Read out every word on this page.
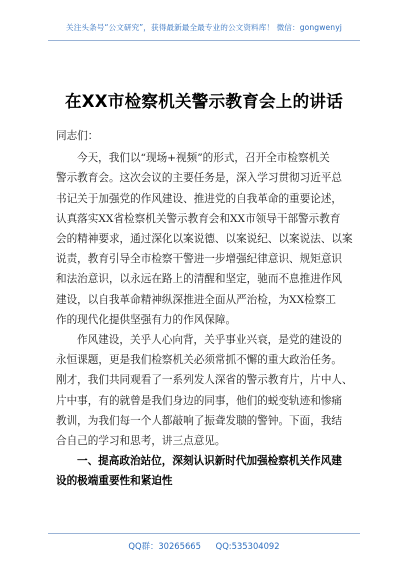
关注头条号“公文研究”，获得最新最全最专业的公文资料库！ 微信：gongwenyj
在XX市检察机关警示教育会上的讲话
同志们：
今天，我们以“现场+视频”的形式，召开全市检察机关
警示教育会。这次会议的主要任务是，深入学习贯彻习近平总
书记关于加强党的作风建设、推进党的自我革命的重要论述，
认真落实XX省检察机关警示教育会和XX市领导干部警示教育
会的精神要求，通过深化以案说德、以案说纪、以案说法、以案
说责，教育引导全市检察干警进一步增强纪律意识、规矩意识
和法治意识，以永远在路上的清醒和坚定，驰而不息推进作风
建设，以自我革命精神纵深推进全面从严治检，为XX检察工
作的现代化提供坚强有力的作风保障。
作风建设，关乎人心向背，关乎事业兴衰，是党的建设的
永恒课题，更是我们检察机关必须常抓不懈的重大政治任务。
刚才，我们共同观看了一系列发人深省的警示教育片，片中人、
片中事，有的就曾是我们身边的同事，他们的蜕变轨迹和惨痛
教训，为我们每一个人都敲响了振聋发聩的警钟。下面，我结
合自己的学习和思考，讲三点意见。
一、提高政治站位，深刻认识新时代加强检察机关作风建
设的极端重要性和紧迫性
QQ群：30265665 QQ:535304092
